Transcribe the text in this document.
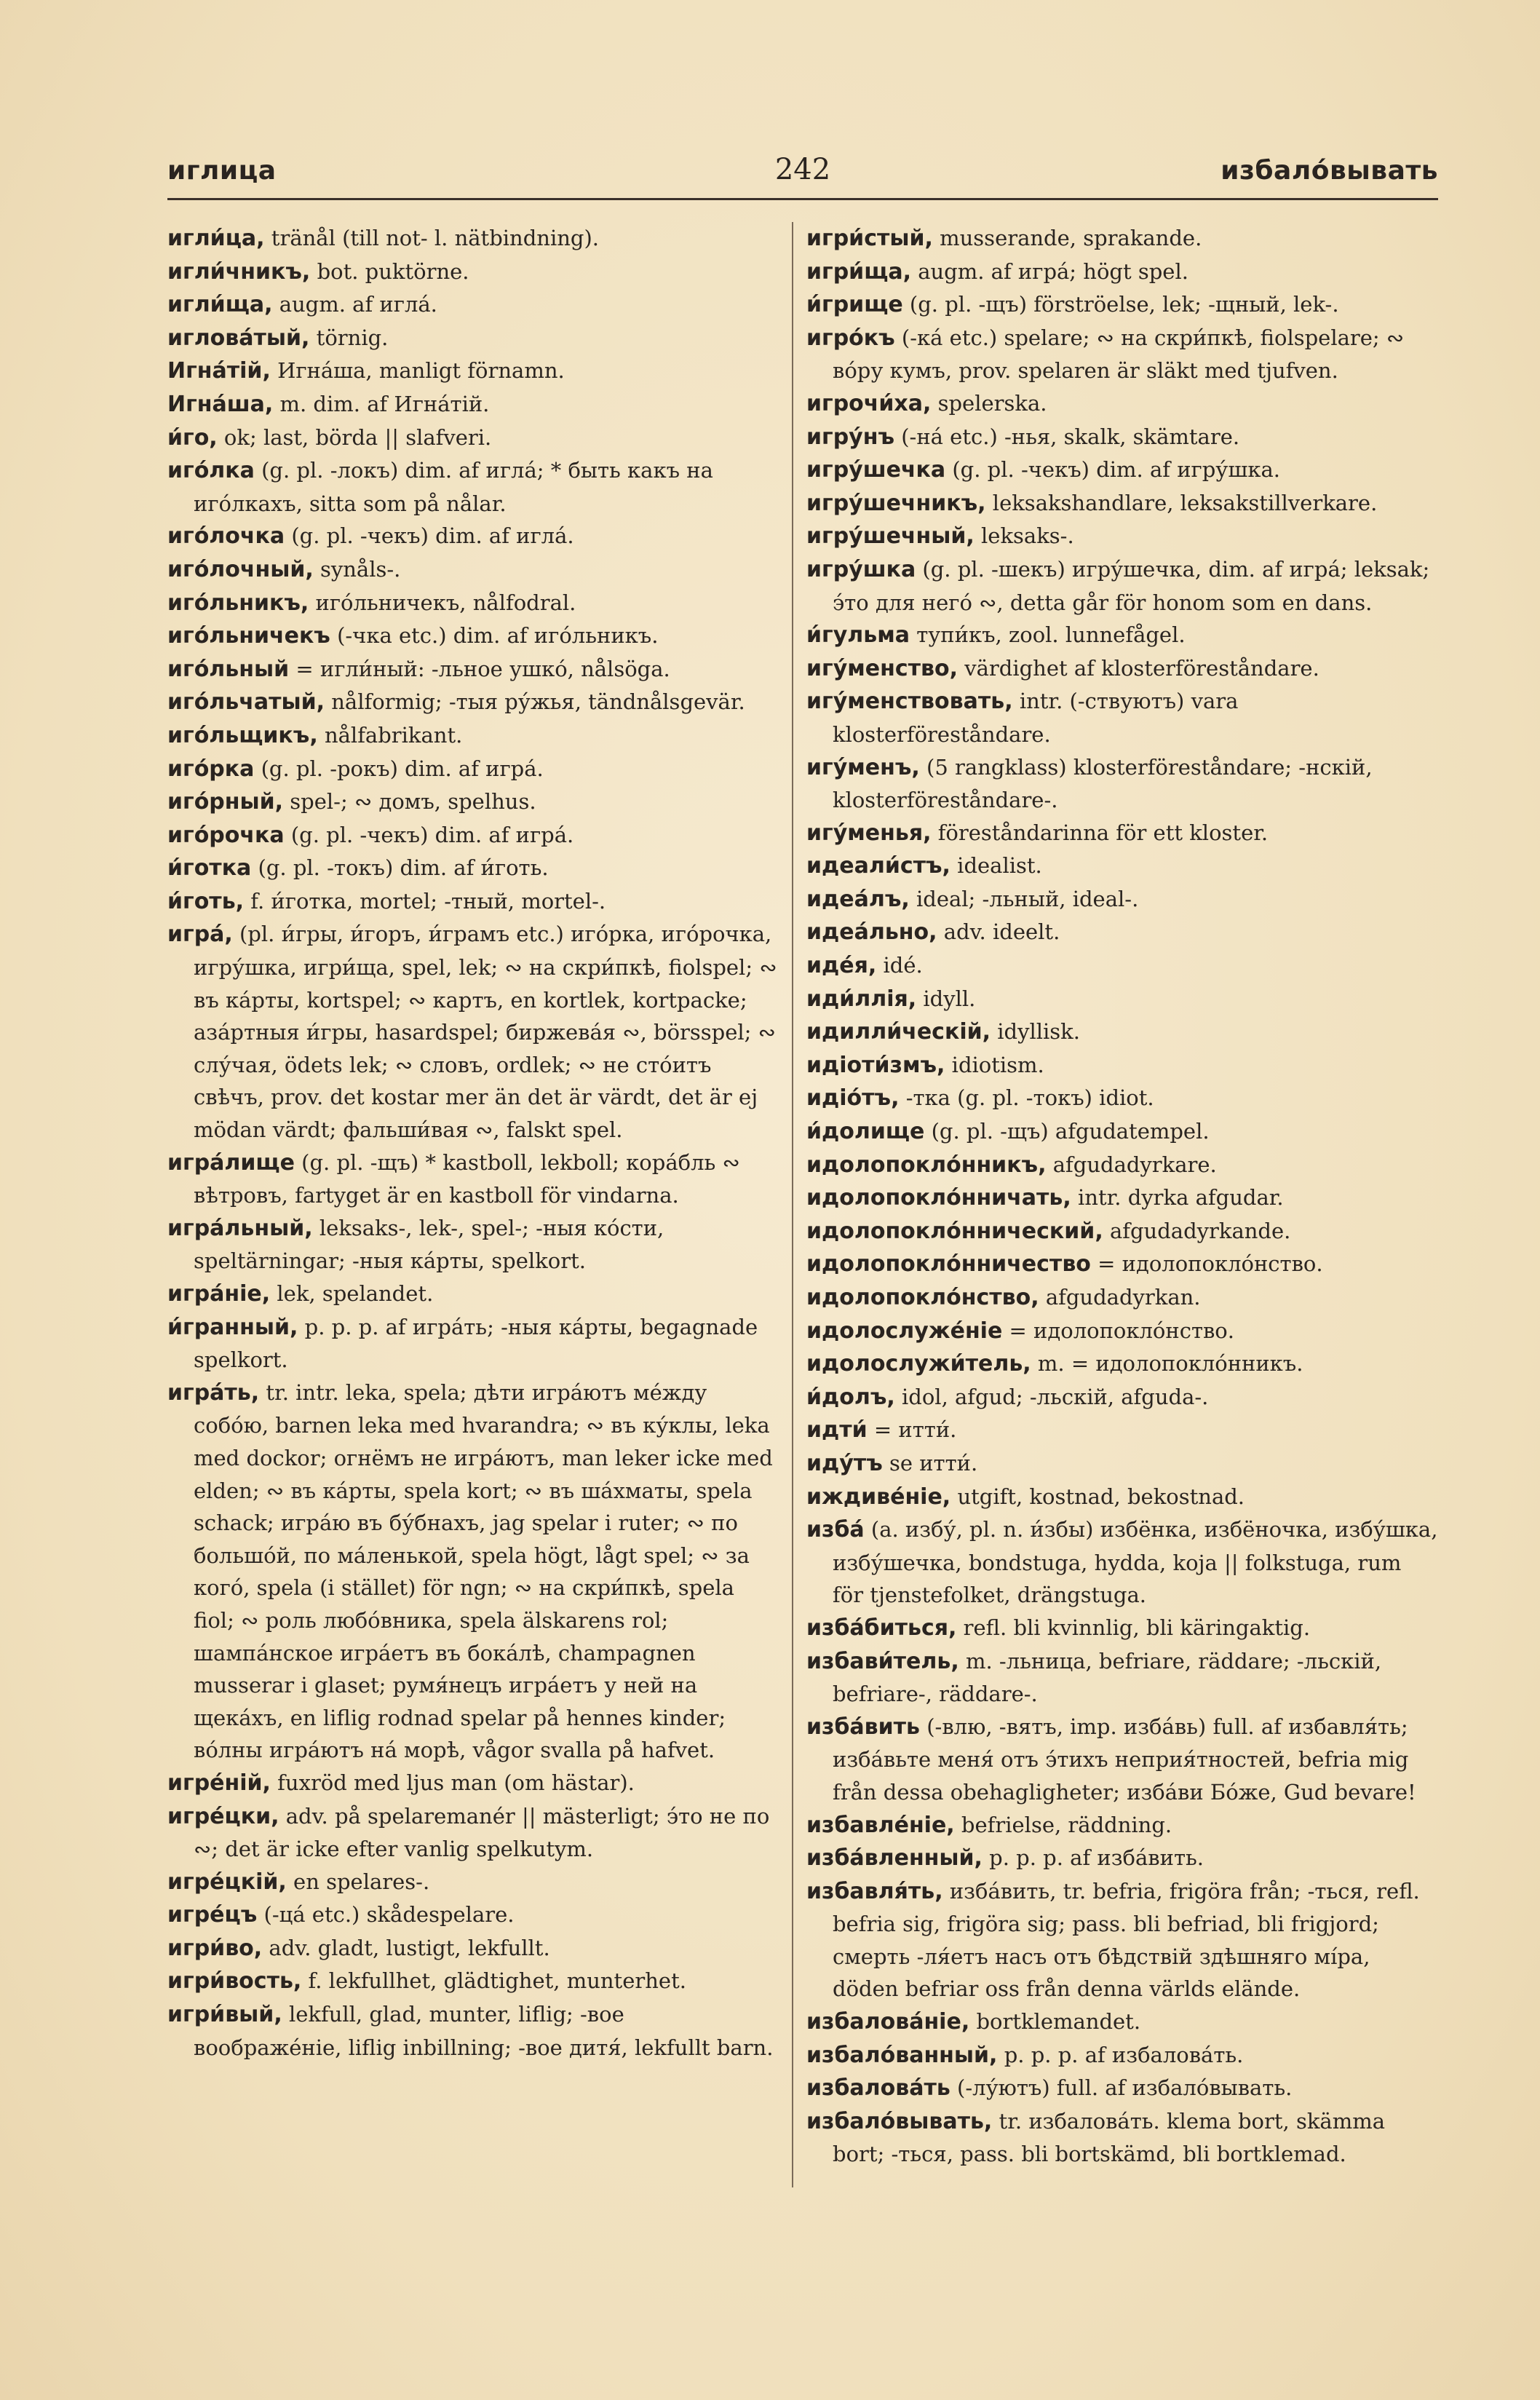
иглица	242	избало́вывать

игли́ца, tränål (till not- l. nätbindning).

игли́чникъ, bot. puktörne.

игли́ща, augm. af игла́.

иглова́тый, törnig.

Игна́тій, Игна́ша, manligt förnamn.

Игна́ша, m. dim. af Игна́тій.

и́го, ok; last, börda || slafveri.

иго́лка (g. pl. -локъ) dim. af игла́; * быть какъ на иго́лкахъ, sitta som på nålar.

иго́лочка (g. pl. -чекъ) dim. af игла́.

иго́лочный, synåls-.

иго́льникъ, иго́льничекъ, nålfodral.

иго́льничекъ (-чка etc.) dim. af иго́льникъ.

иго́льный = игли́ный: -льное ушко́, nålsöga.

иго́льчатый, nålformig; -тыя ру́жья, tändnålsgevär.

иго́льщикъ, nålfabrikant.

иго́рка (g. pl. -рокъ) dim. af игра́.

иго́рный, spel-; ∾ домъ, spelhus.

иго́рочка (g. pl. -чекъ) dim. af игра́.

и́готка (g. pl. -токъ) dim. af и́готь.

и́готь, f. и́готка, mortel; -тный, mortel-.

игра́, (pl. и́гры, и́горъ, и́грамъ etc.) иго́рка, иго́рочка, игру́шка, игри́ща, spel, lek; ∾ на скри́пкѣ, fiolspel; ∾ въ ка́рты, kortspel; ∾ картъ, en kortlek, kortpacke; аза́ртныя и́гры, hasardspel; биржева́я ∾, börsspel; ∾ слу́чая, ödets lek; ∾ словъ, ordlek; ∾ не сто́итъ свѣчъ, prov. det kostar mer än det är värdt, det är ej mödan värdt; фальши́вая ∾, falskt spel.

игра́лище (g. pl. -щъ) * kastboll, lekboll; кора́бль ∾ вѣтровъ, fartyget är en kastboll för vindarna.

игра́льный, leksaks-, lek-, spel-; -ныя ко́сти, speltärningar; -ныя ка́рты, spelkort.

игра́ніе, lek, spelandet.

и́гранный, p. p. p. af игра́ть; -ныя ка́рты, begagnade spelkort.

игра́ть, tr. intr. leka, spela; дѣти игра́ютъ ме́жду собо́ю, barnen leka med hvarandra; ∾ въ ку́клы, leka med dockor; огнёмъ не игра́ютъ, man leker icke med elden; ∾ въ ка́рты, spela kort; ∾ въ ша́хматы, spela schack; игра́ю въ бу́бнахъ, jag spelar i ruter; ∾ по большо́й, по ма́ленькой, spela högt, lågt spel; ∾ за кого́, spela (i stället) för ngn; ∾ на скри́пкѣ, spela fiol; ∾ роль любо́вника, spela älskarens rol; шампа́нское игра́етъ въ бока́лѣ, champagnen musserar i glaset; румя́нецъ игра́етъ у ней на щека́хъ, en liflig rodnad spelar på hennes kinder; во́лны игра́ютъ на́ морѣ, vågor svalla på hafvet.

игре́ній, fuxröd med ljus man (om hästar).

игре́цки, adv. på spelaremanér || mästerligt; э́то не по ∾; det är icke efter vanlig spelkutym.

игре́цкій, en spelares-.

игре́цъ (-ца́ etc.) skådespelare.

игри́во, adv. gladt, lustigt, lekfullt.

игри́вость, f. lekfullhet, glädtighet, munterhet.

игри́вый, lekfull, glad, munter, liflig; -вое воображе́ніе, liflig inbillning; -вое дитя́, lekfullt barn.

игри́стый, musserande, sprakande.

игри́ща, augm. af игра́; högt spel.

и́грище (g. pl. -щъ) förströelse, lek; -щный, lek-.

игро́къ (-ка́ etc.) spelare; ∾ на скри́пкѣ, fiolspelare; ∾ во́ру кумъ, prov. spelaren är släkt med tjufven.

игрочи́ха, spelerska.

игру́нъ (-на́ etc.) -нья, skalk, skämtare.

игру́шечка (g. pl. -чекъ) dim. af игру́шка.

игру́шечникъ, leksakshandlare, leksakstillverkare.

игру́шечный, leksaks-.

игру́шка (g. pl. -шекъ) игру́шечка, dim. af игра́; leksak; э́то для него́ ∾, detta går för honom som en dans.

и́гульма тупи́къ, zool. lunnefågel.

игу́менство, värdighet af klosterföreståndare.

игу́менствовать, intr. (-ствуютъ) vara klosterföreståndare.

игу́менъ, (5 rangklass) klosterföreståndare; -нскій, klosterföreståndare-.

игу́менья, föreståndarinna för ett kloster.

идеали́стъ, idealist.

идеа́лъ, ideal; -льный, ideal-.

идеа́льно, adv. ideelt.

иде́я, idé.

иди́ллія, idyll.

идилли́ческій, idyllisk.

идіоти́змъ, idiotism.

идіо́тъ, -тка (g. pl. -токъ) idiot.

и́долище (g. pl. -щъ) afgudatempel.

идолопокло́нникъ, afgudadyrkare.

идолопокло́нничать, intr. dyrka afgudar.

идолопокло́ннический, afgudadyrkande.

идолопокло́нничество = идолопокло́нство.

идолопокло́нство, afgudadyrkan.

идолослуже́ніе = идолопокло́нство.

идолослужи́тель, m. = идолопокло́нникъ.

и́долъ, idol, afgud; -льскій, afguda-.

идти́ = итти́.

иду́тъ se итти́.

иждиве́ніе, utgift, kostnad, bekostnad.

изба́ (a. избу́, pl. n. и́збы) избёнка, избёночка, избу́шка, избу́шечка, bondstuga, hydda, koja || folkstuga, rum för tjenstefolket, drängstuga.

изба́биться, refl. bli kvinnlig, bli käringaktig.

избави́тель, m. -льница, befriare, räddare; -льскій, befriare-, räddare-.

изба́вить (-влю, -вятъ, imp. изба́вь) full. af избавля́ть; изба́вьте меня́ отъ э́тихъ неприя́тностей, befria mig från dessa obehagligheter; изба́ви Бо́же, Gud bevare!

избавле́ніе, befrielse, räddning.

изба́вленный, p. p. p. af изба́вить.

избавля́ть, изба́вить, tr. befria, frigöra från; -ться, refl. befria sig, frigöra sig; pass. bli befriad, bli frigjord; смерть -ля́етъ насъ отъ бѣдствій здѣшняго мíра, döden befriar oss från denna världs elände.

избалова́ніе, bortklemandet.

избало́ванный, p. p. p. af избалова́ть.

избалова́ть (-лу́ютъ) full. af избало́вывать.

избало́вывать, tr. избалова́ть. klema bort, skämma bort; -ться, pass. bli bortskämd, bli bortklemad.
